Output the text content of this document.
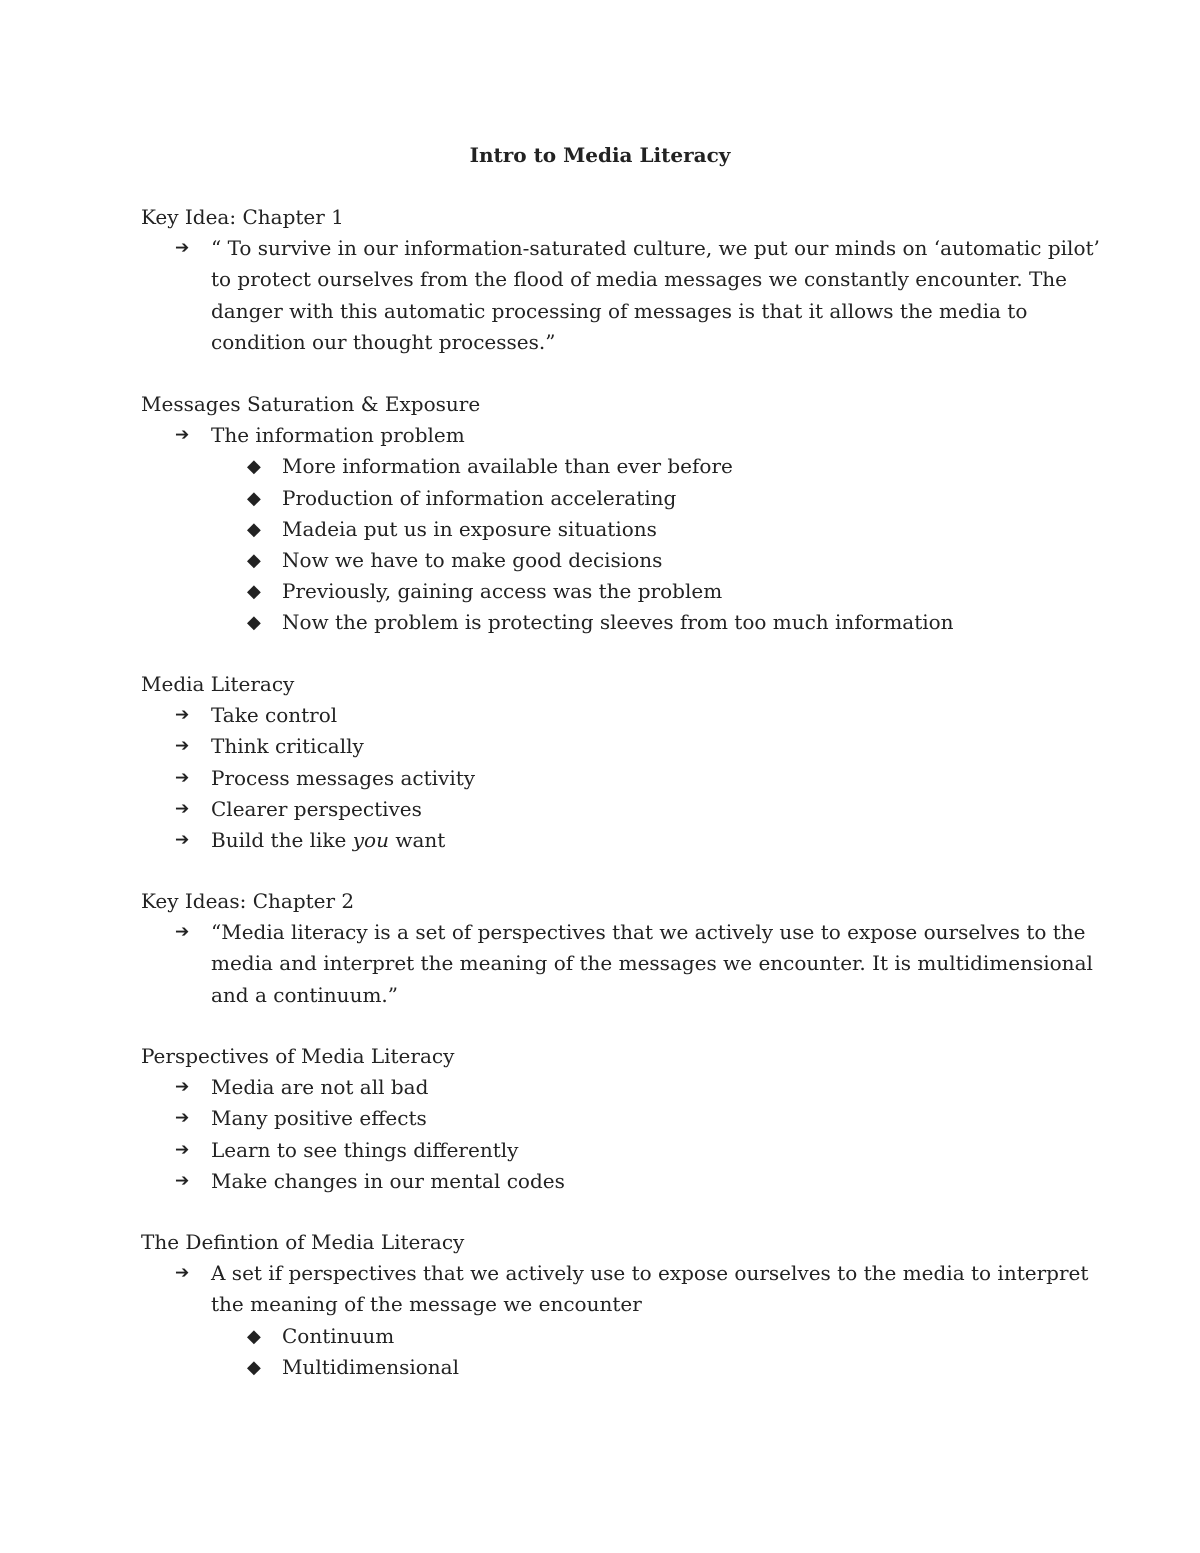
Intro to Media Literacy
Key Idea: Chapter 1
➔ “ To survive in our information-saturated culture, we put our minds on ‘automatic pilot’ to protect ourselves from the flood of media messages we constantly encounter. The danger with this automatic processing of messages is that it allows the media to condition our thought processes.”
Messages Saturation & Exposure
➔ The information problem
◆ More information available than ever before
◆ Production of information accelerating
◆ Madeia put us in exposure situations
◆ Now we have to make good decisions
◆ Previously, gaining access was the problem
◆ Now the problem is protecting sleeves from too much information
Media Literacy
➔ Take control
➔ Think critically
➔ Process messages activity
➔ Clearer perspectives
➔ Build the like you want
Key Ideas: Chapter 2
➔ “Media literacy is a set of perspectives that we actively use to expose ourselves to the media and interpret the meaning of the messages we encounter. It is multidimensional and a continuum.”
Perspectives of Media Literacy
➔ Media are not all bad
➔ Many positive effects
➔ Learn to see things differently
➔ Make changes in our mental codes
The Defintion of Media Literacy
➔ A set if perspectives that we actively use to expose ourselves to the media to interpret the meaning of the message we encounter
◆ Continuum
◆ Multidimensional
